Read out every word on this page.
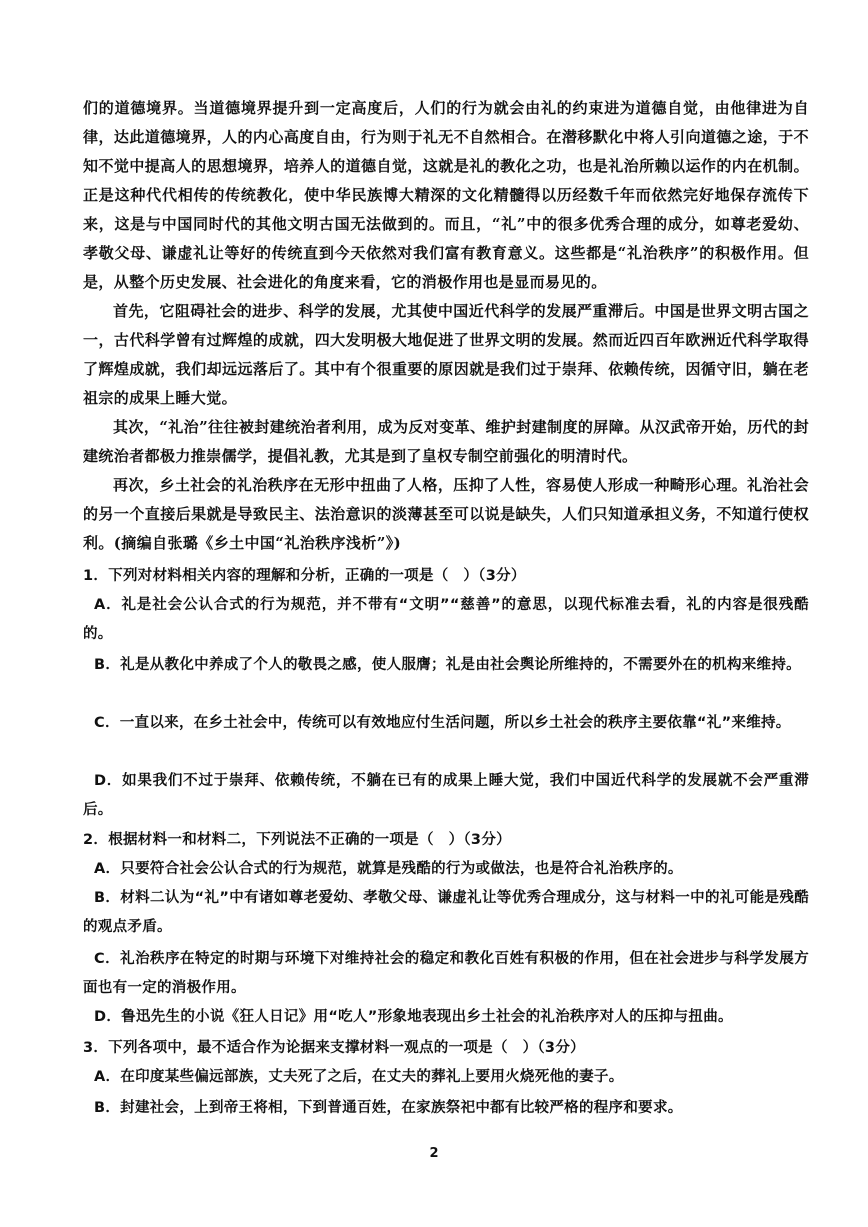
们的道德境界。当道德境界提升到一定高度后，人们的行为就会由礼的约束进为道德自觉，由他律进为自律，达此道德境界，人的内心高度自由，行为则于礼无不自然相合。在潜移默化中将人引向道德之途，于不知不觉中提高人的思想境界，培养人的道德自觉，这就是礼的教化之功，也是礼治所赖以运作的内在机制。正是这种代代相传的传统教化，使中华民族博大精深的文化精髓得以历经数千年而依然完好地保存流传下来，这是与中国同时代的其他文明古国无法做到的。而且，“礼”中的很多优秀合理的成分，如尊老爱幼、孝敬父母、谦虚礼让等好的传统直到今天依然对我们富有教育意义。这些都是“礼治秩序”的积极作用。但是，从整个历史发展、社会进化的角度来看，它的消极作用也是显而易见的。

首先，它阻碍社会的进步、科学的发展，尤其使中国近代科学的发展严重滞后。中国是世界文明古国之一，古代科学曾有过辉煌的成就，四大发明极大地促进了世界文明的发展。然而近四百年欧洲近代科学取得了辉煌成就，我们却远远落后了。其中有个很重要的原因就是我们过于崇拜、依赖传统，因循守旧，躺在老祖宗的成果上睡大觉。

其次，“礼治”往往被封建统治者利用，成为反对变革、维护封建制度的屏障。从汉武帝开始，历代的封建统治者都极力推崇儒学，提倡礼教，尤其是到了皇权专制空前强化的明清时代。

再次，乡土社会的礼治秩序在无形中扭曲了人格，压抑了人性，容易使人形成一种畸形心理。礼治社会的另一个直接后果就是导致民主、法治意识的淡薄甚至可以说是缺失，人们只知道承担义务，不知道行使权利。(摘编自张璐《乡土中国“礼治秩序浅析”》)

1．下列对材料相关内容的理解和分析，正确的一项是（　）（3分）

A．礼是社会公认合式的行为规范，并不带有“文明”“慈善”的意思，以现代标准去看，礼的内容是很残酷的。

B．礼是从教化中养成了个人的敬畏之感，使人服膺；礼是由社会舆论所维持的，不需要外在的机构来维持。

C．一直以来，在乡土社会中，传统可以有效地应付生活问题，所以乡土社会的秩序主要依靠“礼”来维持。

D．如果我们不过于崇拜、依赖传统，不躺在已有的成果上睡大觉，我们中国近代科学的发展就不会严重滞后。

2．根据材料一和材料二，下列说法不正确的一项是（　）（3分）

A．只要符合社会公认合式的行为规范，就算是残酷的行为或做法，也是符合礼治秩序的。

B．材料二认为“礼”中有诸如尊老爱幼、孝敬父母、谦虚礼让等优秀合理成分，这与材料一中的礼可能是残酷的观点矛盾。

C．礼治秩序在特定的时期与环境下对维持社会的稳定和教化百姓有积极的作用，但在社会进步与科学发展方面也有一定的消极作用。

D．鲁迅先生的小说《狂人日记》用“吃人”形象地表现出乡土社会的礼治秩序对人的压抑与扭曲。

3．下列各项中，最不适合作为论据来支撑材料一观点的一项是（　）（3分）

A．在印度某些偏远部族，丈夫死了之后，在丈夫的葬礼上要用火烧死他的妻子。

B．封建社会，上到帝王将相，下到普通百姓，在家族祭祀中都有比较严格的程序和要求。

2
